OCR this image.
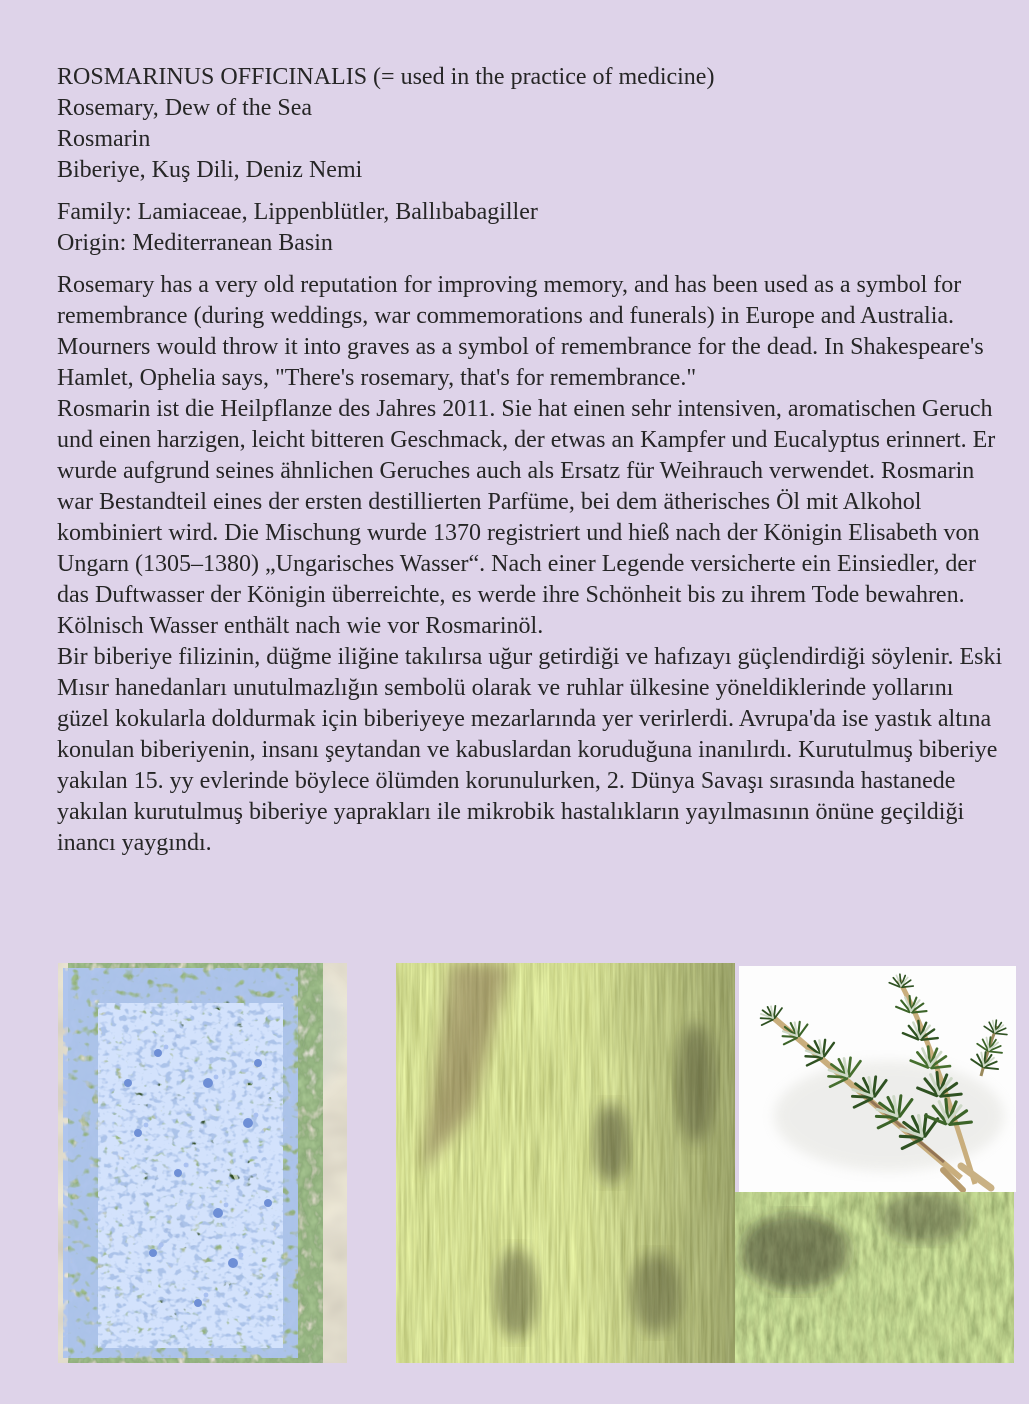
ROSMARINUS OFFICINALIS (= used in the practice of medicine)

Rosemary, Dew of the Sea

Rosmarin

Biberiye, Kuş Dili, Deniz Nemi

Family: Lamiaceae, Lippenblütler, Ballıbabagiller

Origin: Mediterranean Basin

Rosemary has a very old reputation for improving memory, and has been used as a symbol for remembrance (during weddings, war commemorations and funerals) in Europe and Australia. Mourners would throw it into graves as a symbol of remembrance for the dead. In Shakespeare's Hamlet, Ophelia says, "There's rosemary, that's for remembrance."

Rosmarin ist die Heilpflanze des Jahres 2011. Sie hat einen sehr intensiven, aromatischen Geruch und einen harzigen, leicht bitteren Geschmack, der etwas an Kampfer und Eucalyptus erinnert. Er wurde aufgrund seines ähnlichen Geruches auch als Ersatz für Weihrauch verwendet. Rosmarin war Bestandteil eines der ersten destillierten Parfüme, bei dem ätherisches Öl mit Alkohol kombiniert wird. Die Mischung wurde 1370 registriert und hieß nach der Königin Elisabeth von Ungarn (1305–1380) „Ungarisches Wasser“. Nach einer Legende versicherte ein Einsiedler, der das Duftwasser der Königin überreichte, es werde ihre Schönheit bis zu ihrem Tode bewahren. Kölnisch Wasser enthält nach wie vor Rosmarinöl.

Bir biberiye filizinin, düğme iliğine takılırsa uğur getirdiği ve hafızayı güçlendirdiği söylenir. Eski Mısır hanedanları unutulmazlığın sembolü olarak ve ruhlar ülkesine yöneldiklerinde yollarını güzel kokularla doldurmak için biberiyeye mezarlarında yer verirlerdi. Avrupa'da ise yastık altına konulan biberiyenin, insanı şeytandan ve kabuslardan koruduğuna inanılırdı. Kurutulmuş biberiye yakılan 15. yy evlerinde böylece ölümden korunulurken, 2. Dünya Savaşı sırasında hastanede yakılan kurutulmuş biberiye yaprakları ile mikrobik hastalıkların yayılmasının önüne geçildiği inancı yaygındı.
